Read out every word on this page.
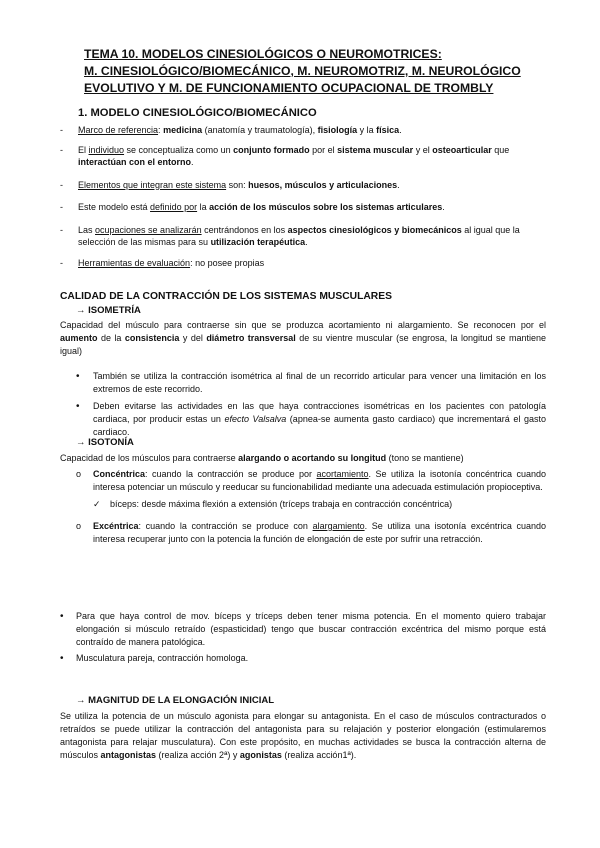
TEMA 10. MODELOS CINESIOLÓGICOS O NEUROMOTRICES:
M. CINESIOLÓGICO/BIOMECÁNICO, M. NEUROMOTRIZ, M. NEUROLÓGICO
EVOLUTIVO Y M. DE FUNCIONAMIENTO OCUPACIONAL DE TROMBLY
1. MODELO CINESIOLÓGICO/BIOMECÁNICO
- Marco de referencia: medicina (anatomía y traumatología), fisiología y la física.
- El individuo se conceptualiza como un conjunto formado por el sistema muscular y el osteoarticular que interactúan con el entorno.
- Elementos que integran este sistema son: huesos, músculos y articulaciones.
- Este modelo está definido por la acción de los músculos sobre los sistemas articulares.
- Las ocupaciones se analizarán centrándonos en los aspectos cinesiológicos y biomecánicos al igual que la selección de las mismas para su utilización terapéutica.
- Herramientas de evaluación: no posee propias
CALIDAD DE LA CONTRACCIÓN DE LOS SISTEMAS MUSCULARES
→ ISOMETRÍA
Capacidad del músculo para contraerse sin que se produzca acortamiento ni alargamiento. Se reconocen por el aumento de la consistencia y del diámetro transversal de su vientre muscular (se engrosa, la longitud se mantiene igual)
• También se utiliza la contracción isométrica al final de un recorrido articular para vencer una limitación en los extremos de este recorrido.
• Deben evitarse las actividades en las que haya contracciones isométricas en los pacientes con patología cardiaca, por producir estas un efecto Valsalva (apnea-se aumenta gasto cardiaco) que incrementará el gasto cardiaco.
→ ISOTONÍA
Capacidad de los músculos para contraerse alargando o acortando su longitud (tono se mantiene)
o Concéntrica: cuando la contracción se produce por acortamiento. Se utiliza la isotonía concéntrica cuando interesa potenciar un músculo y reeducar su funcionabilidad mediante una adecuada estimulación propioceptiva.
✓ bíceps: desde máxima flexión a extensión (tríceps trabaja en contracción concéntrica)
o Excéntrica: cuando la contracción se produce con alargamiento. Se utiliza una isotonía excéntrica cuando interesa recuperar junto con la potencia la función de elongación de este por sufrir una retracción.
• Para que haya control de mov. bíceps y tríceps deben tener misma potencia. En el momento quiero trabajar elongación si músculo retraído (espasticidad) tengo que buscar contracción excéntrica del mismo porque está contraído de manera patológica.
• Musculatura pareja, contracción homologa.
→ MAGNITUD DE LA ELONGACIÓN INICIAL
Se utiliza la potencia de un músculo agonista para elongar su antagonista. En el caso de músculos contracturados o retraídos se puede utilizar la contracción del antagonista para su relajación y posterior elongación (estimularemos antagonista para relajar musculatura). Con este propósito, en muchas actividades se busca la contracción alterna de músculos antagonistas (realiza acción 2ª) y agonistas (realiza acción1ª).
